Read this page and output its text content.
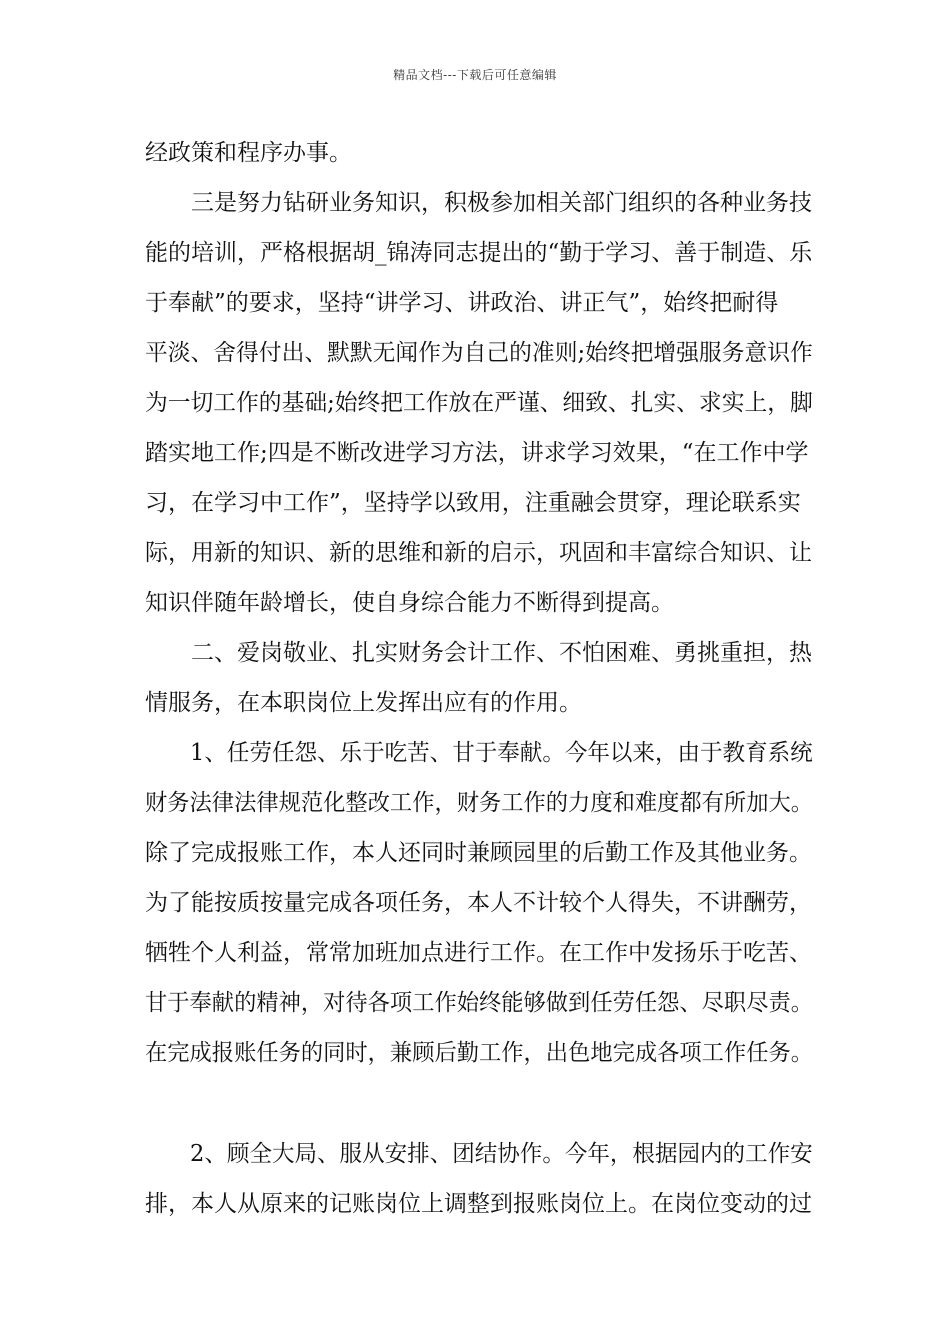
精品文档---下载后可任意编辑
经政策和程序办事。
三是努力钻研业务知识，积极参加相关部门组织的各种业务技
能的培训，严格根据胡_锦涛同志提出的“勤于学习、善于制造、乐
于奉献”的要求，坚持“讲学习、讲政治、讲正气”，始终把耐得
平淡、舍得付出、默默无闻作为自己的准则;始终把增强服务意识作
为一切工作的基础;始终把工作放在严谨、细致、扎实、求实上，脚
踏实地工作;四是不断改进学习方法，讲求学习效果，“在工作中学
习，在学习中工作”，坚持学以致用，注重融会贯穿，理论联系实
际，用新的知识、新的思维和新的启示，巩固和丰富综合知识、让
知识伴随年龄增长，使自身综合能力不断得到提高。
二、爱岗敬业、扎实财务会计工作、不怕困难、勇挑重担，热
情服务，在本职岗位上发挥出应有的作用。
1、任劳任怨、乐于吃苦、甘于奉献。今年以来，由于教育系统
财务法律法律规范化整改工作，财务工作的力度和难度都有所加大。
除了完成报账工作，本人还同时兼顾园里的后勤工作及其他业务。
为了能按质按量完成各项任务，本人不计较个人得失，不讲酬劳，
牺牲个人利益，常常加班加点进行工作。在工作中发扬乐于吃苦、
甘于奉献的精神，对待各项工作始终能够做到任劳任怨、尽职尽责。
在完成报账任务的同时，兼顾后勤工作，出色地完成各项工作任务。
2、顾全大局、服从安排、团结协作。今年，根据园内的工作安
排，本人从原来的记账岗位上调整到报账岗位上。在岗位变动的过
